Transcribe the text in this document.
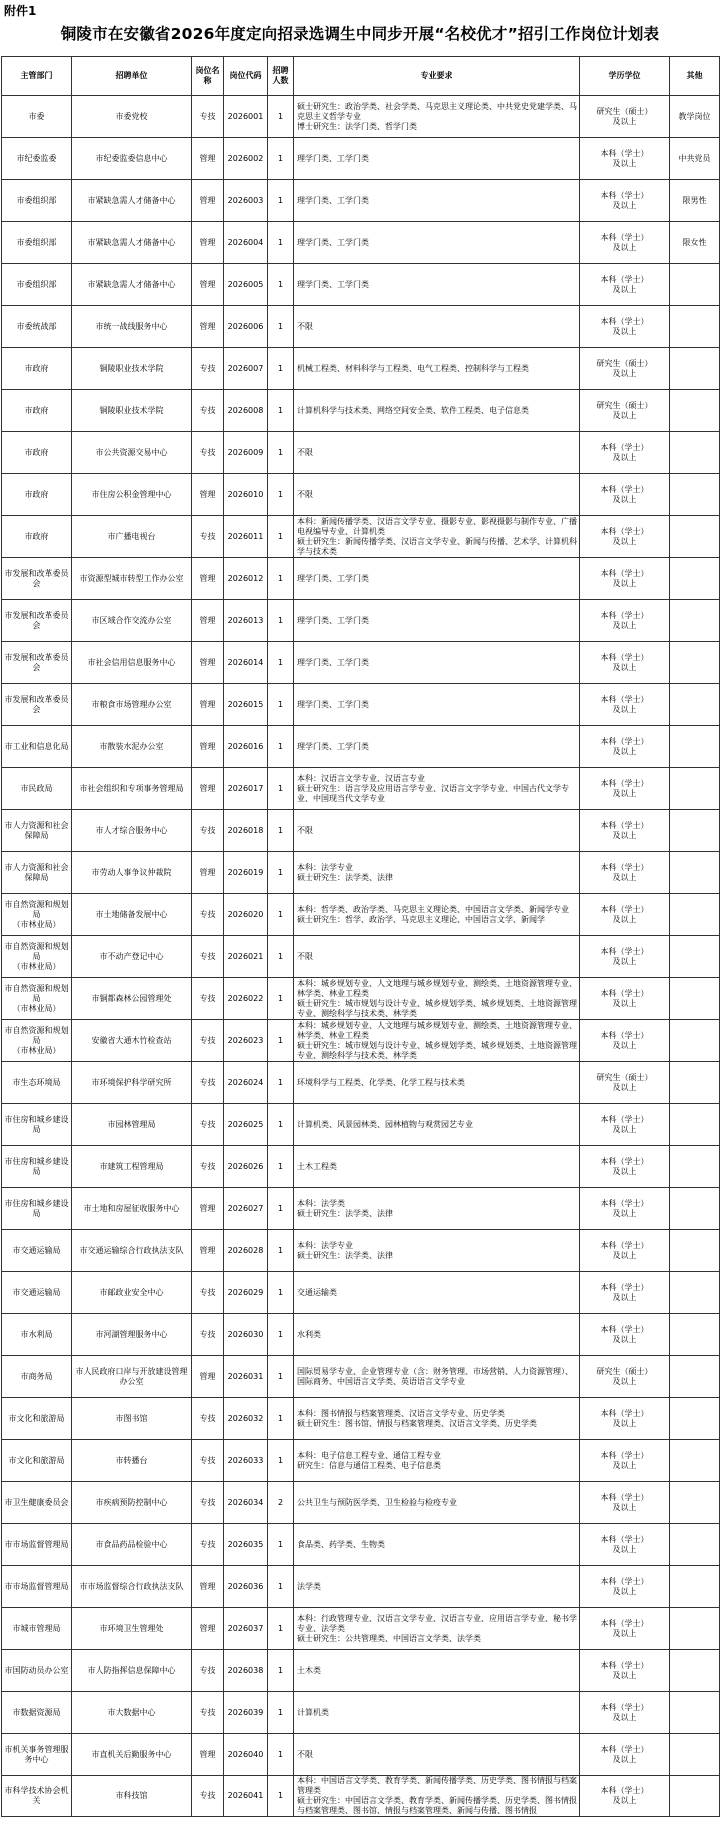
附件1
铜陵市在安徽省2026年度定向招录选调生中同步开展“名校优才”招引工作岗位计划表
主管部门	招聘单位	岗位名称	岗位代码	招聘人数	专业要求	学历学位	其他
市委	市委党校	专技	2026001	1	硕士研究生：政治学类、社会学类、马克思主义理论类、中共党史党建学类、马克思主义哲学专业
博士研究生：法学门类、哲学门类	研究生（硕士）
及以上	教学岗位
市纪委监委	市纪委监委信息中心	管理	2026002	1	理学门类、工学门类	本科（学士）
及以上	中共党员
市委组织部	市紧缺急需人才储备中心	管理	2026003	1	理学门类、工学门类	本科（学士）
及以上	限男性
市委组织部	市紧缺急需人才储备中心	管理	2026004	1	理学门类、工学门类	本科（学士）
及以上	限女性
市委组织部	市紧缺急需人才储备中心	管理	2026005	1	理学门类、工学门类	本科（学士）
及以上	
市委统战部	市统一战线服务中心	管理	2026006	1	不限	本科（学士）
及以上	
市政府	铜陵职业技术学院	专技	2026007	1	机械工程类、材料科学与工程类、电气工程类、控制科学与工程类	研究生（硕士）
及以上	
市政府	铜陵职业技术学院	专技	2026008	1	计算机科学与技术类、网络空间安全类、软件工程类、电子信息类	研究生（硕士）
及以上	
市政府	市公共资源交易中心	专技	2026009	1	不限	本科（学士）
及以上	
市政府	市住房公积金管理中心	管理	2026010	1	不限	本科（学士）
及以上	
市政府	市广播电视台	专技	2026011	1	本科：新闻传播学类、汉语言文学专业、摄影专业、影视摄影与制作专业、广播电视编导专业、计算机类
硕士研究生：新闻传播学类、汉语言文学专业、新闻与传播、艺术学、计算机科学与技术类	本科（学士）
及以上	
市发展和改革委员会	市资源型城市转型工作办公室	管理	2026012	1	理学门类、工学门类	本科（学士）
及以上	
市发展和改革委员会	市区域合作交流办公室	管理	2026013	1	理学门类、工学门类	本科（学士）
及以上	
市发展和改革委员会	市社会信用信息服务中心	管理	2026014	1	理学门类、工学门类	本科（学士）
及以上	
市发展和改革委员会	市粮食市场管理办公室	管理	2026015	1	理学门类、工学门类	本科（学士）
及以上	
市工业和信息化局	市散装水泥办公室	管理	2026016	1	理学门类、工学门类	本科（学士）
及以上	
市民政局	市社会组织和专项事务管理局	管理	2026017	1	本科：汉语言文学专业、汉语言专业
硕士研究生：语言学及应用语言学专业、汉语言文字学专业、中国古代文学专业、中国现当代文学专业	本科（学士）
及以上	
市人力资源和社会保障局	市人才综合服务中心	专技	2026018	1	不限	本科（学士）
及以上	
市人力资源和社会保障局	市劳动人事争议仲裁院	管理	2026019	1	本科：法学专业
硕士研究生：法学类、法律	本科（学士）
及以上	
市自然资源和规划局
（市林业局）	市土地储备发展中心	专技	2026020	1	本科：哲学类、政治学类、马克思主义理论类、中国语言文学类、新闻学专业
硕士研究生：哲学、政治学、马克思主义理论、中国语言文学、新闻学	本科（学士）
及以上	
市自然资源和规划局
（市林业局）	市不动产登记中心	专技	2026021	1	不限	本科（学士）
及以上	
市自然资源和规划局
（市林业局）	市铜都森林公园管理处	专技	2026022	1	本科：城乡规划专业、人文地理与城乡规划专业、测绘类、土地资源管理专业、林学类、林业工程类
硕士研究生：城市规划与设计专业、城乡规划学类、城乡规划类、土地资源管理专业、测绘科学与技术类、林学类	本科（学士）
及以上	
市自然资源和规划局
（市林业局）	安徽省大通木竹检查站	专技	2026023	1	本科：城乡规划专业、人文地理与城乡规划专业、测绘类、土地资源管理专业、林学类、林业工程类
硕士研究生：城市规划与设计专业、城乡规划学类、城乡规划类、土地资源管理专业、测绘科学与技术类、林学类	本科（学士）
及以上	
市生态环境局	市环境保护科学研究所	专技	2026024	1	环境科学与工程类、化学类、化学工程与技术类	研究生（硕士）
及以上	
市住房和城乡建设局	市园林管理局	专技	2026025	1	计算机类、风景园林类、园林植物与观赏园艺专业	本科（学士）
及以上	
市住房和城乡建设局	市建筑工程管理局	专技	2026026	1	土木工程类	本科（学士）
及以上	
市住房和城乡建设局	市土地和房屋征收服务中心	管理	2026027	1	本科：法学类
硕士研究生：法学类、法律	本科（学士）
及以上	
市交通运输局	市交通运输综合行政执法支队	管理	2026028	1	本科：法学专业
硕士研究生：法学类、法律	本科（学士）
及以上	
市交通运输局	市邮政业安全中心	专技	2026029	1	交通运输类	本科（学士）
及以上	
市水利局	市河湖管理服务中心	专技	2026030	1	水利类	本科（学士）
及以上	
市商务局	市人民政府口岸与开放建设管理办公室	管理	2026031	1	国际贸易学专业、企业管理专业（含：财务管理、市场营销、人力资源管理）、国际商务、中国语言文学类、英语语言文学专业	研究生（硕士）
及以上	
市文化和旅游局	市图书馆	专技	2026032	1	本科：图书情报与档案管理类、汉语言文学专业、历史学类
硕士研究生：图书馆、情报与档案管理类、汉语言文学类、历史学类	本科（学士）
及以上	
市文化和旅游局	市转播台	专技	2026033	1	本科：电子信息工程专业、通信工程专业
研究生：信息与通信工程类、电子信息类	本科（学士）
及以上	
市卫生健康委员会	市疾病预防控制中心	专技	2026034	2	公共卫生与预防医学类、卫生检验与检疫专业	本科（学士）
及以上	
市市场监督管理局	市食品药品检验中心	专技	2026035	1	食品类、药学类、生物类	本科（学士）
及以上	
市市场监督管理局	市市场监督综合行政执法支队	管理	2026036	1	法学类	本科（学士）
及以上	
市城市管理局	市环境卫生管理处	管理	2026037	1	本科：行政管理专业、汉语言文学专业、汉语言专业、应用语言学专业、秘书学专业、法学类
硕士研究生：公共管理类、中国语言文学类、法学类	本科（学士）
及以上	
市国防动员办公室	市人防指挥信息保障中心	专技	2026038	1	土木类	本科（学士）
及以上	
市数据资源局	市大数据中心	专技	2026039	1	计算机类	本科（学士）
及以上	
市机关事务管理服务中心	市直机关后勤服务中心	管理	2026040	1	不限	本科（学士）
及以上	
市科学技术协会机关	市科技馆	专技	2026041	1	本科：中国语言文学类、教育学类、新闻传播学类、历史学类、图书情报与档案管理类
硕士研究生：中国语言文学类、教育学类、新闻传播学类、历史学类、图书情报与档案管理类、图书馆、情报与档案管理类、新闻与传播、图书情报	本科（学士）
及以上	
